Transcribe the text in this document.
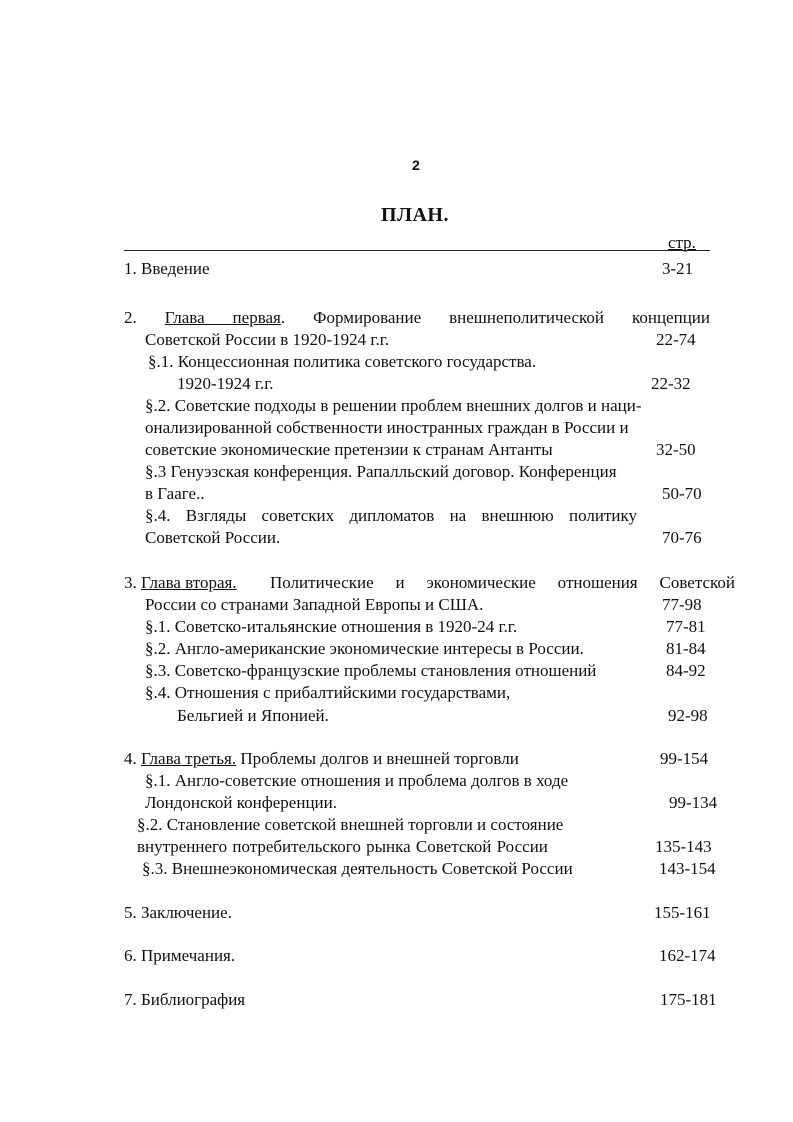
2
ПЛАН.
стр.
1. Введение	3-21
2. Глава первая. Формирование внешнеполитической концепции
Советской России в 1920-1924 г.г.	22-74
§.1. Концессионная политика советского государства.
1920-1924 г.г.	22-32
§.2. Советские подходы в решении проблем внешних долгов и наци-
онализированной собственности иностранных граждан в России и
советские экономические претензии к странам Антанты	32-50
§.3 Генуэзская конференция. Рапалльский договор. Конференция
в Гааге..	50-70
§.4. Взгляды советских дипломатов на внешнюю политику
Советской России.	70-76
3. Глава вторая. Политические и экономические отношения Советской
России со странами Западной Европы и США.	77-98
§.1. Советско-итальянские отношения в 1920-24 г.г.	77-81
§.2. Англо-американские экономические интересы в России.	81-84
§.3. Советско-французские проблемы становления отношений	84-92
§.4. Отношения с прибалтийскими государствами,
Бельгией и Японией.	92-98
4. Глава третья. Проблемы долгов и внешней торговли	99-154
§.1. Англо-советские отношения и проблема долгов в ходе
Лондонской конференции.	99-134
§.2. Становление советской внешней торговли и состояние
внутреннего потребительского рынка Советской России	135-143
§.3. Внешнеэкономическая деятельность Советской России	143-154
5. Заключение.	155-161
6. Примечания.	162-174
7. Библиография	175-181
